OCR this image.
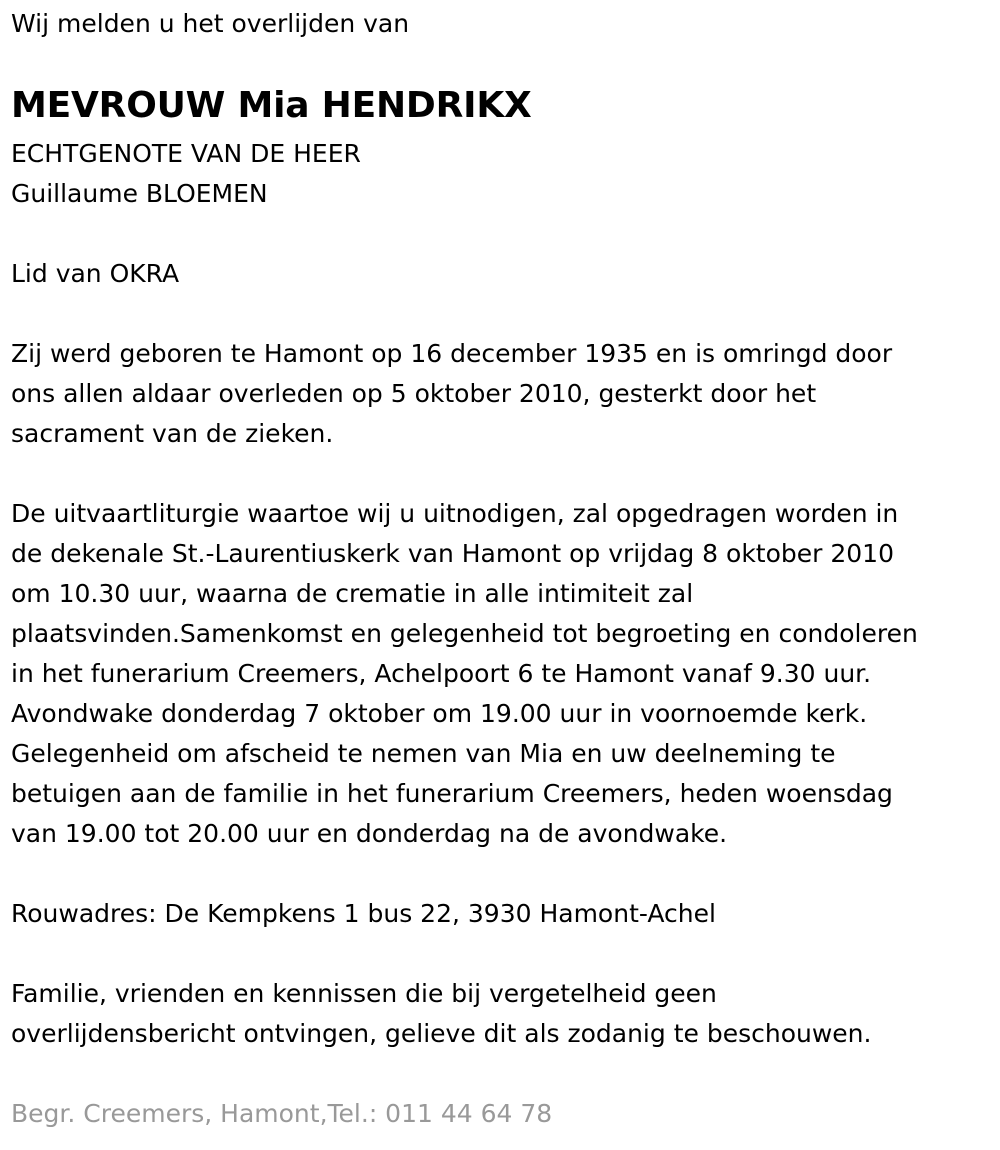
Wij melden u het overlijden van
MEVROUW Mia HENDRIKX
ECHTGENOTE VAN DE HEER
Guillaume BLOEMEN
Lid van OKRA
Zij werd geboren te Hamont op 16 december 1935 en is omringd door
ons allen aldaar overleden op 5 oktober 2010, gesterkt door het
sacrament van de zieken.
De uitvaartliturgie waartoe wij u uitnodigen, zal opgedragen worden in
de dekenale St.-Laurentiuskerk van Hamont op vrijdag 8 oktober 2010
om 10.30 uur, waarna de crematie in alle intimiteit zal
plaatsvinden.Samenkomst en gelegenheid tot begroeting en condoleren
in het funerarium Creemers, Achelpoort 6 te Hamont vanaf 9.30 uur.
Avondwake donderdag 7 oktober om 19.00 uur in voornoemde kerk.
Gelegenheid om afscheid te nemen van Mia en uw deelneming te
betuigen aan de familie in het funerarium Creemers, heden woensdag
van 19.00 tot 20.00 uur en donderdag na de avondwake.
Rouwadres: De Kempkens 1 bus 22, 3930 Hamont-Achel
Familie, vrienden en kennissen die bij vergetelheid geen
overlijdensbericht ontvingen, gelieve dit als zodanig te beschouwen.
Begr. Creemers, Hamont,Tel.: 011 44 64 78
